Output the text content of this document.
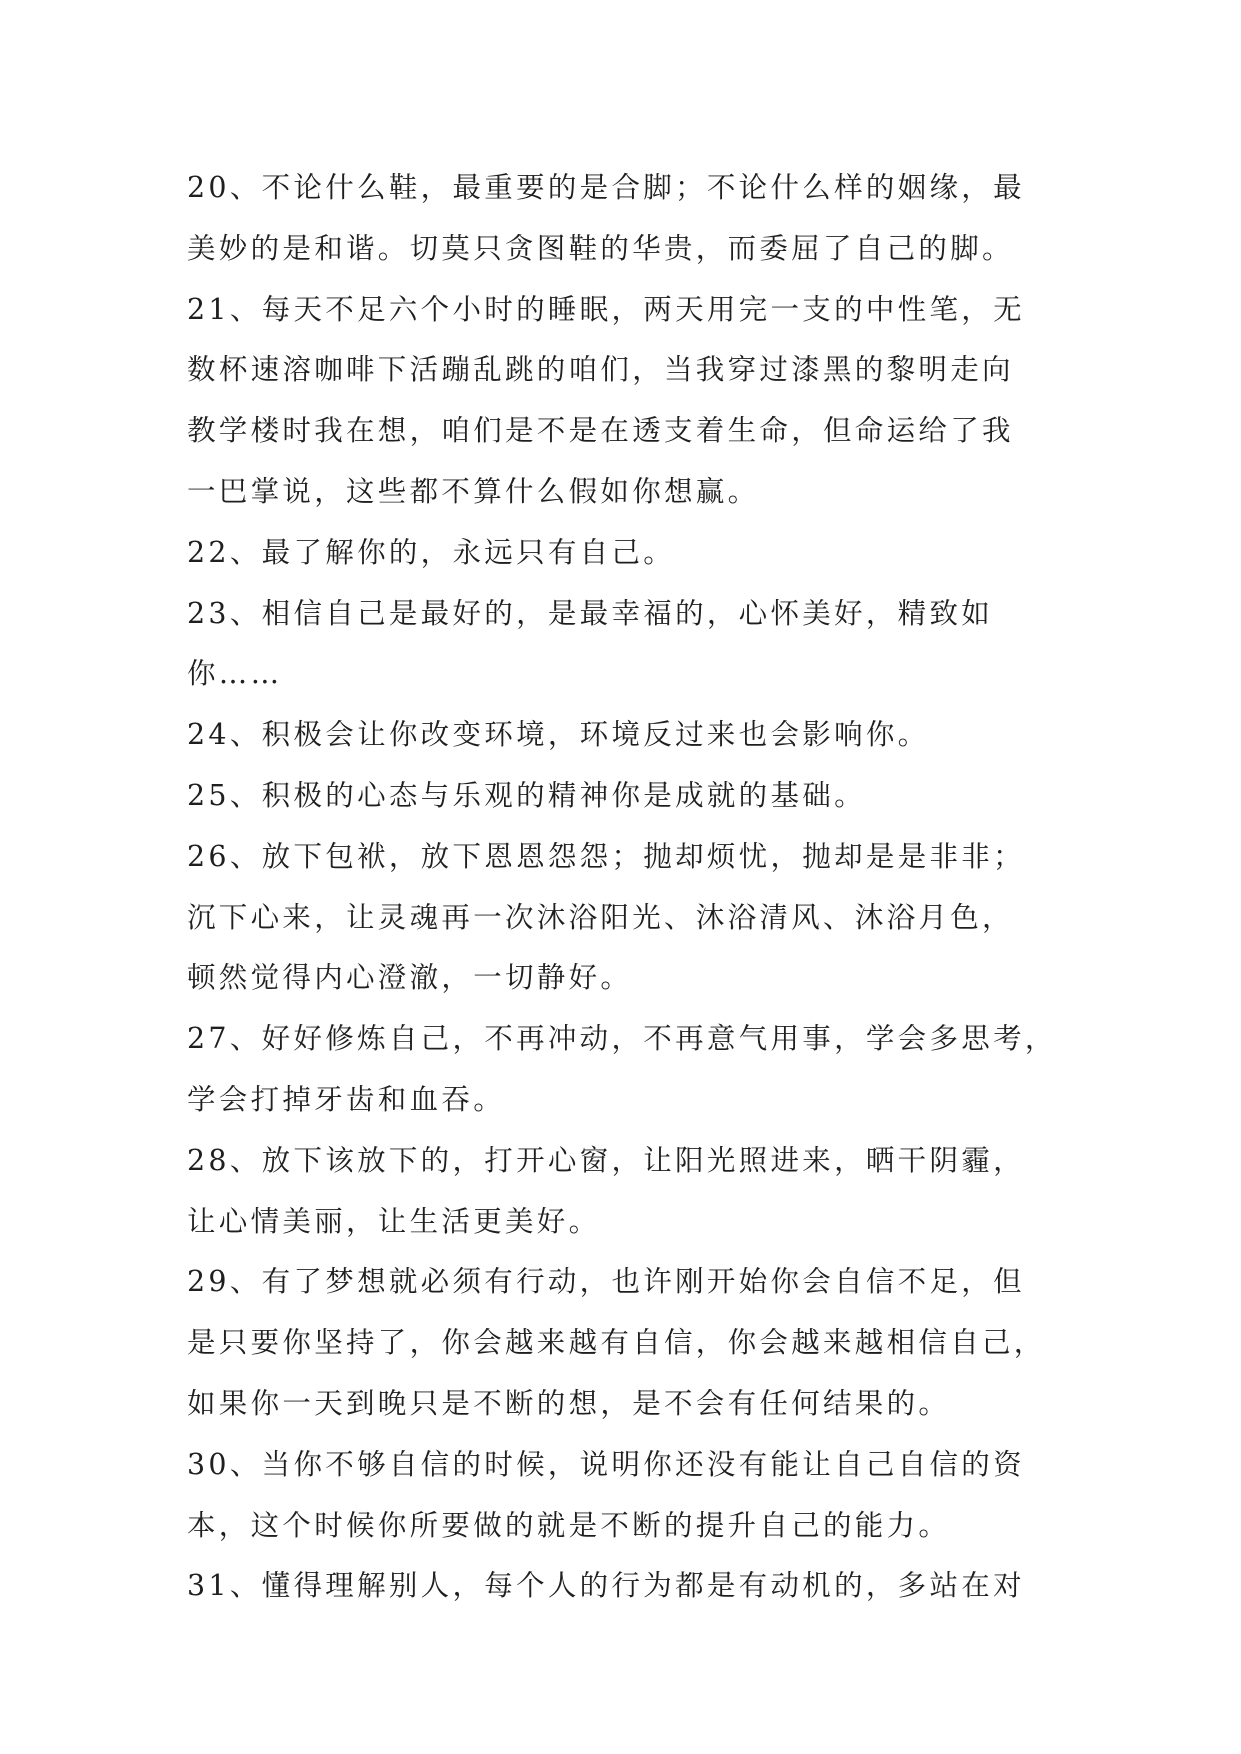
20、不论什么鞋，最重要的是合脚；不论什么样的姻缘，最
美妙的是和谐。切莫只贪图鞋的华贵，而委屈了自己的脚。
21、每天不足六个小时的睡眠，两天用完一支的中性笔，无
数杯速溶咖啡下活蹦乱跳的咱们，当我穿过漆黑的黎明走向
教学楼时我在想，咱们是不是在透支着生命，但命运给了我
一巴掌说，这些都不算什么假如你想赢。
22、最了解你的，永远只有自己。
23、相信自己是最好的，是最幸福的，心怀美好，精致如
你……
24、积极会让你改变环境，环境反过来也会影响你。
25、积极的心态与乐观的精神你是成就的基础。
26、放下包袱，放下恩恩怨怨；抛却烦忧，抛却是是非非；
沉下心来，让灵魂再一次沐浴阳光、沐浴清风、沐浴月色，
顿然觉得内心澄澈，一切静好。
27、好好修炼自己，不再冲动，不再意气用事，学会多思考，
学会打掉牙齿和血吞。
28、放下该放下的，打开心窗，让阳光照进来，晒干阴霾，
让心情美丽，让生活更美好。
29、有了梦想就必须有行动，也许刚开始你会自信不足，但
是只要你坚持了，你会越来越有自信，你会越来越相信自己，
如果你一天到晚只是不断的想，是不会有任何结果的。
30、当你不够自信的时候，说明你还没有能让自己自信的资
本，这个时候你所要做的就是不断的提升自己的能力。
31、懂得理解别人，每个人的行为都是有动机的，多站在对
